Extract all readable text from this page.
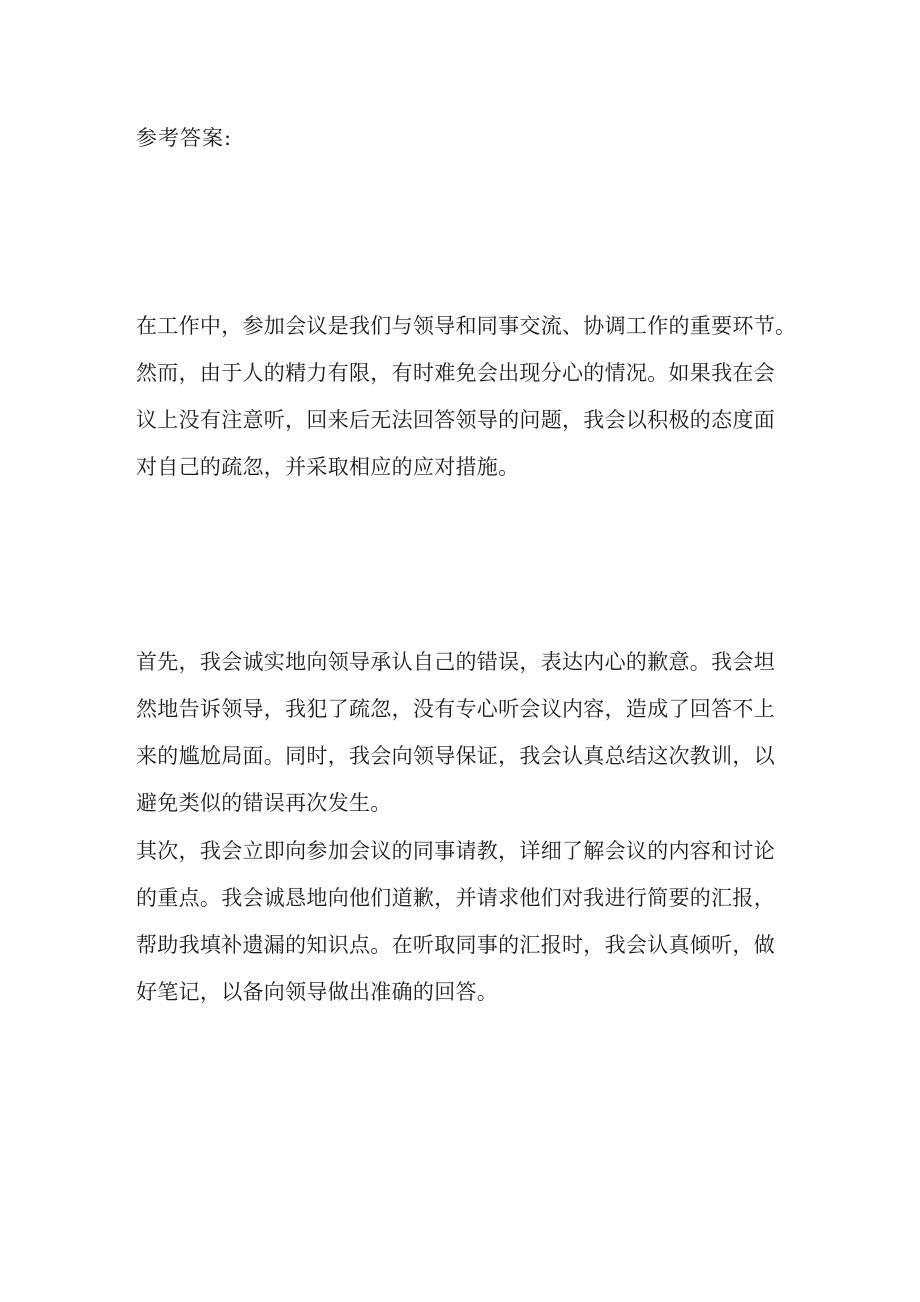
参考答案:
在工作中，参加会议是我们与领导和同事交流、协调工作的重要环节。
然而，由于人的精力有限，有时难免会出现分心的情况。如果我在会
议上没有注意听，回来后无法回答领导的问题，我会以积极的态度面
对自己的疏忽，并采取相应的应对措施。
首先，我会诚实地向领导承认自己的错误，表达内心的歉意。我会坦
然地告诉领导，我犯了疏忽，没有专心听会议内容，造成了回答不上
来的尴尬局面。同时，我会向领导保证，我会认真总结这次教训，以
避免类似的错误再次发生。
其次，我会立即向参加会议的同事请教，详细了解会议的内容和讨论
的重点。我会诚恳地向他们道歉，并请求他们对我进行简要的汇报，
帮助我填补遗漏的知识点。在听取同事的汇报时，我会认真倾听，做
好笔记，以备向领导做出准确的回答。
